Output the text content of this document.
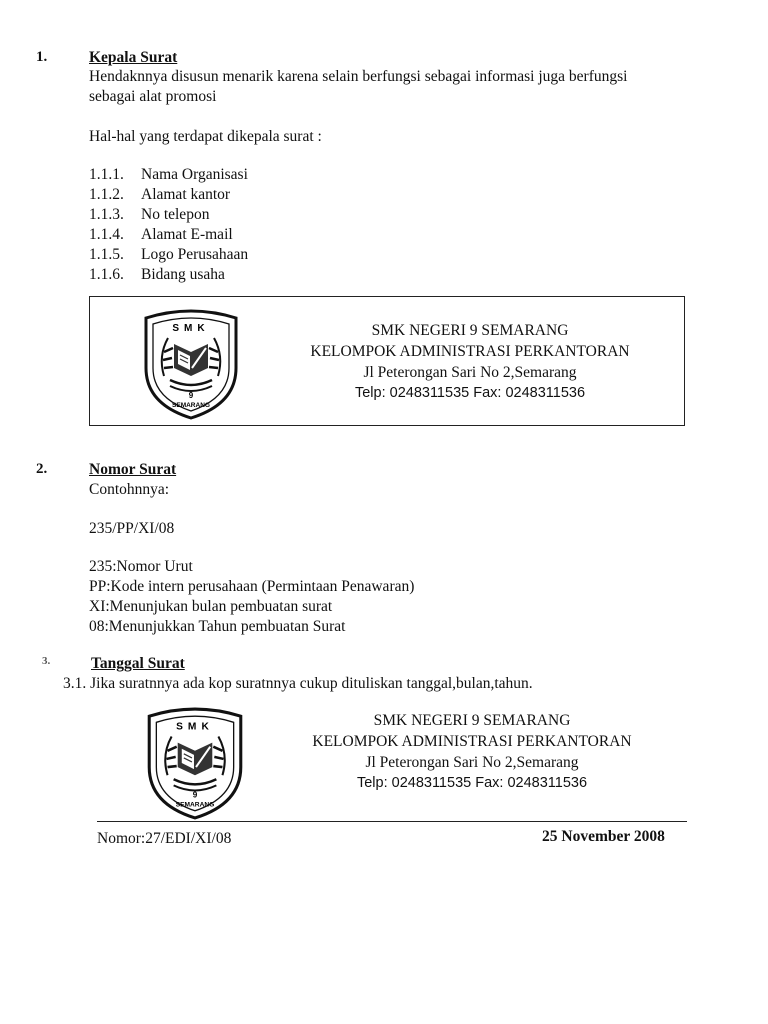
1.	Kepala Surat
Hendaknnya disusun menarik karena selain berfungsi sebagai informasi juga berfungsi
sebagai alat promosi
Hal-hal yang terdapat dikepala surat :
1.1.1. Nama Organisasi
1.1.2. Alamat kantor
1.1.3. No telepon
1.1.4. Alamat E-mail
1.1.5. Logo Perusahaan
1.1.6. Bidang usaha
SMK
9
SEMARANG
SMK NEGERI 9 SEMARANG
KELOMPOK ADMINISTRASI PERKANTORAN
Jl Peterongan Sari No 2,Semarang
Telp: 0248311535 Fax: 0248311536
2.	Nomor Surat
Contohnnya:
235/PP/XI/08
235:Nomor Urut
PP:Kode intern perusahaan (Permintaan Penawaran)
XI:Menunjukan bulan pembuatan surat
08:Menunjukkan Tahun pembuatan Surat
3.	Tanggal Surat
3.1. Jika suratnnya ada kop suratnnya cukup dituliskan tanggal,bulan,tahun.
SMK
9
SEMARANG
SMK NEGERI 9 SEMARANG
KELOMPOK ADMINISTRASI PERKANTORAN
Jl Peterongan Sari No 2,Semarang
Telp: 0248311535 Fax: 0248311536
Nomor:27/EDI/XI/08	25 November 2008
